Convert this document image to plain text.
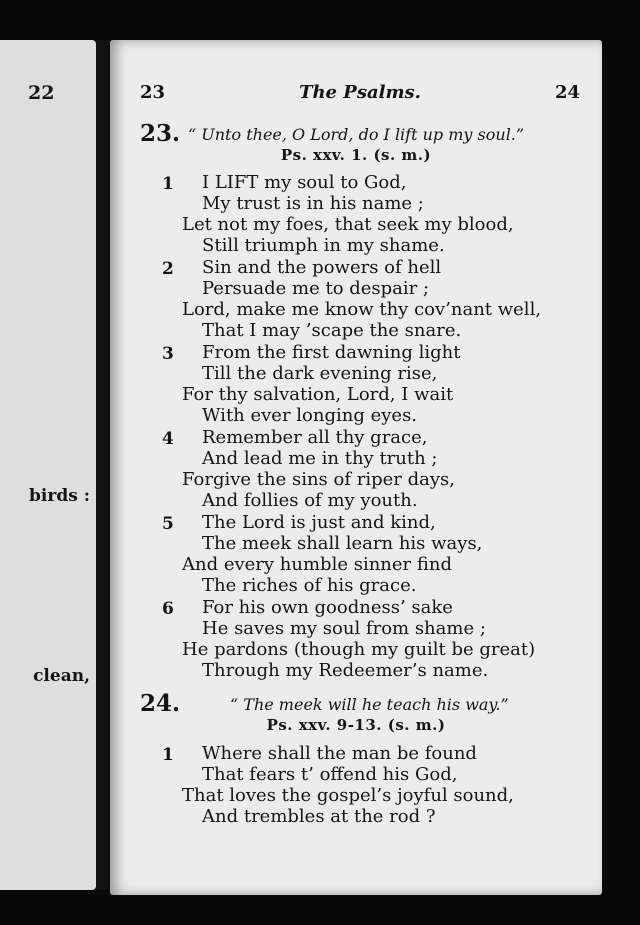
22
birds :
clean,
23	The Psalms.	24
23. “ Unto thee, O Lord, do I lift up my soul.”
Ps. xxv. 1. (s. m.)
1 I LIFT my soul to God,
My trust is in his name ;
Let not my foes, that seek my blood,
Still triumph in my shame.
2 Sin and the powers of hell
Persuade me to despair ;
Lord, make me know thy cov’nant well,
That I may ’scape the snare.
3 From the first dawning light
Till the dark evening rise,
For thy salvation, Lord, I wait
With ever longing eyes.
4 Remember all thy grace,
And lead me in thy truth ;
Forgive the sins of riper days,
And follies of my youth.
5 The Lord is just and kind,
The meek shall learn his ways,
And every humble sinner find
The riches of his grace.
6 For his own goodness’ sake
He saves my soul from shame ;
He pardons (though my guilt be great)
Through my Redeemer’s name.
24.	“ The meek will he teach his way.”
Ps. xxv. 9-13. (s. m.)
1 Where shall the man be found
That fears t’ offend his God,
That loves the gospel’s joyful sound,
And trembles at the rod ?
